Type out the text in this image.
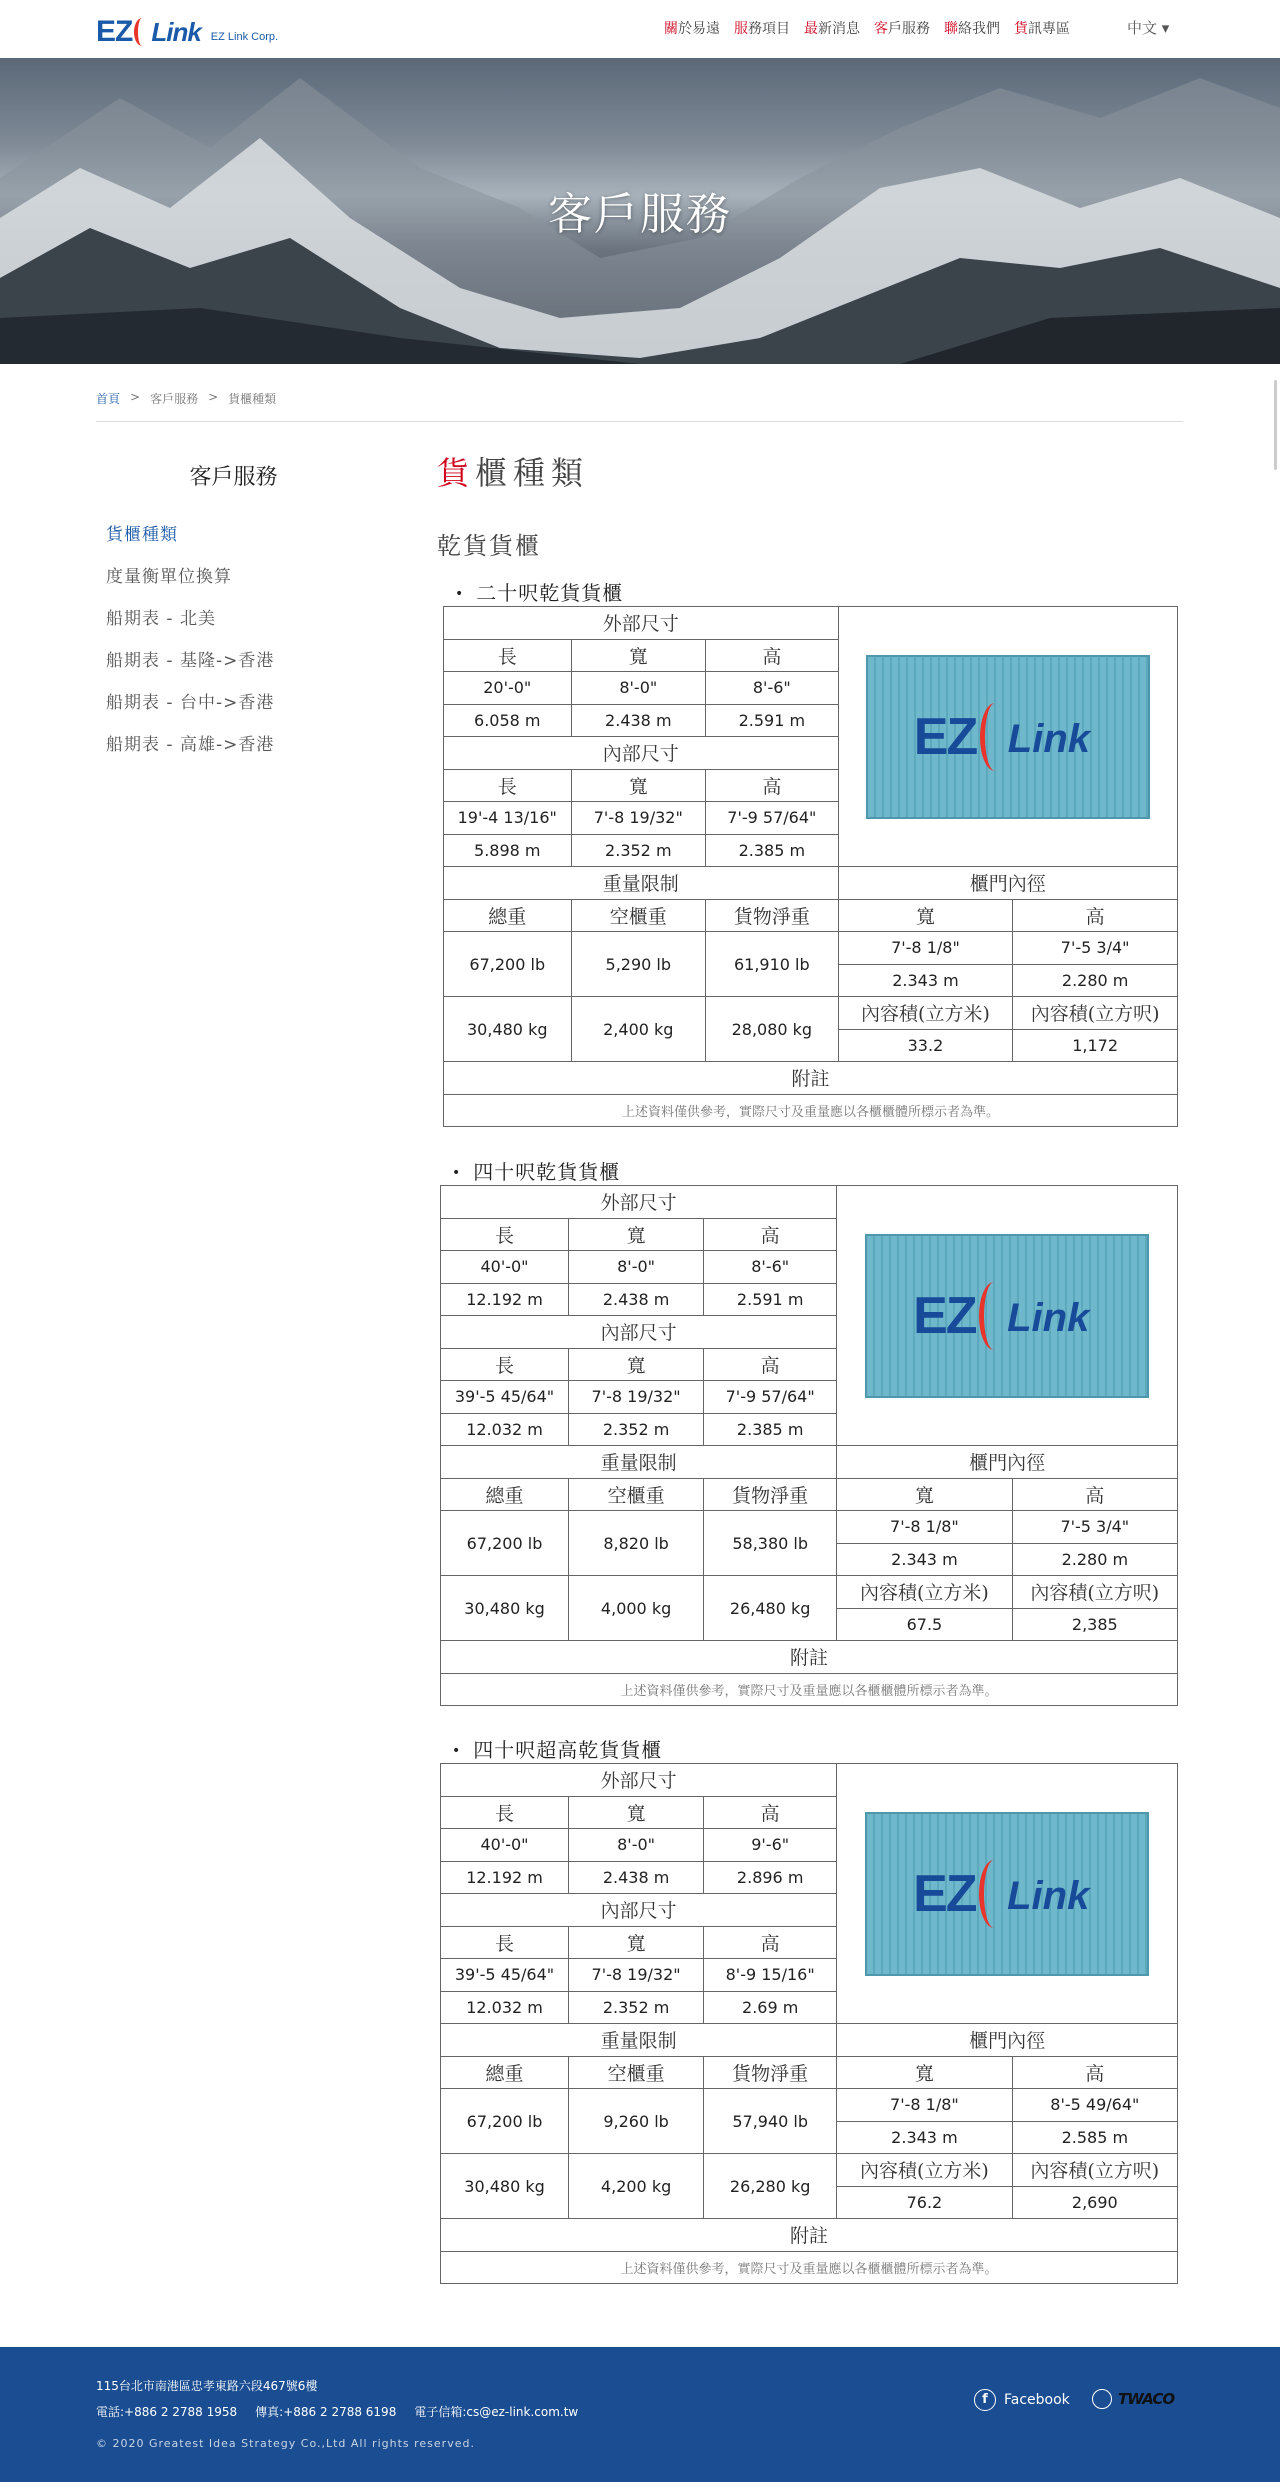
EZ Link EZ Link Corp.	關於易遠 服務項目 最新消息 客戶服務 聯絡我們 貨訊專區	中文 ▾
客戶服務
首頁 > 客戶服務 > 貨櫃種類
客戶服務
貨櫃種類
度量衡單位換算
船期表 - 北美
船期表 - 基隆->香港
船期表 - 台中->香港
船期表 - 高雄->香港
貨櫃種類
乾貨貨櫃
• 二十呎乾貨貨櫃
外部尺寸			EZ Link	

長	寬	高		
20'-0"	8'-0"	8'-6"		
6.058 m	2.438 m	2.591 m		
內部尺寸				
長	寬	高		
19'-4 13/16"	7'-8 19/32"	7'-9 57/64"		
5.898 m	2.352 m	2.385 m		
重量限制			櫃門內徑	
總重	空櫃重	貨物淨重	寬	高
67,200 lb	5,290 lb	61,910 lb	7'-8 1/8"	7'-5 3/4"
			2.343 m	2.280 m
30,480 kg	2,400 kg	28,080 kg	內容積(立方米)	內容積(立方呎)
			33.2	1,172
附註				
上述資料僅供參考，實際尺寸及重量應以各櫃櫃體所標示者為準。				
• 四十呎乾貨貨櫃
外部尺寸			EZ Link	

長	寬	高		
40'-0"	8'-0"	8'-6"		
12.192 m	2.438 m	2.591 m		
內部尺寸				
長	寬	高		
39'-5 45/64"	7'-8 19/32"	7'-9 57/64"		
12.032 m	2.352 m	2.385 m		
重量限制			櫃門內徑	
總重	空櫃重	貨物淨重	寬	高
67,200 lb	8,820 lb	58,380 lb	7'-8 1/8"	7'-5 3/4"
			2.343 m	2.280 m
30,480 kg	4,000 kg	26,480 kg	內容積(立方米)	內容積(立方呎)
			67.5	2,385
附註				
上述資料僅供參考，實際尺寸及重量應以各櫃櫃體所標示者為準。				
• 四十呎超高乾貨貨櫃
外部尺寸			EZ Link	

長	寬	高		
40'-0"	8'-0"	9'-6"		
12.192 m	2.438 m	2.896 m		
內部尺寸				
長	寬	高		
39'-5 45/64"	7'-8 19/32"	8'-9 15/16"		
12.032 m	2.352 m	2.69 m		
重量限制			櫃門內徑	
總重	空櫃重	貨物淨重	寬	高
67,200 lb	9,260 lb	57,940 lb	7'-8 1/8"	8'-5 49/64"
			2.343 m	2.585 m
30,480 kg	4,200 kg	26,280 kg	內容積(立方米)	內容積(立方呎)
			76.2	2,690
附註				
上述資料僅供參考，實際尺寸及重量應以各櫃櫃體所標示者為準。				
115台北市南港區忠孝東路六段467號6樓
電話:+886 2 2788 1958 傳真:+886 2 2788 6198 電子信箱:cs@ez-link.com.tw
© 2020 Greatest Idea Strategy Co.,Ltd All rights reserved.
f	Facebook	TWACO
